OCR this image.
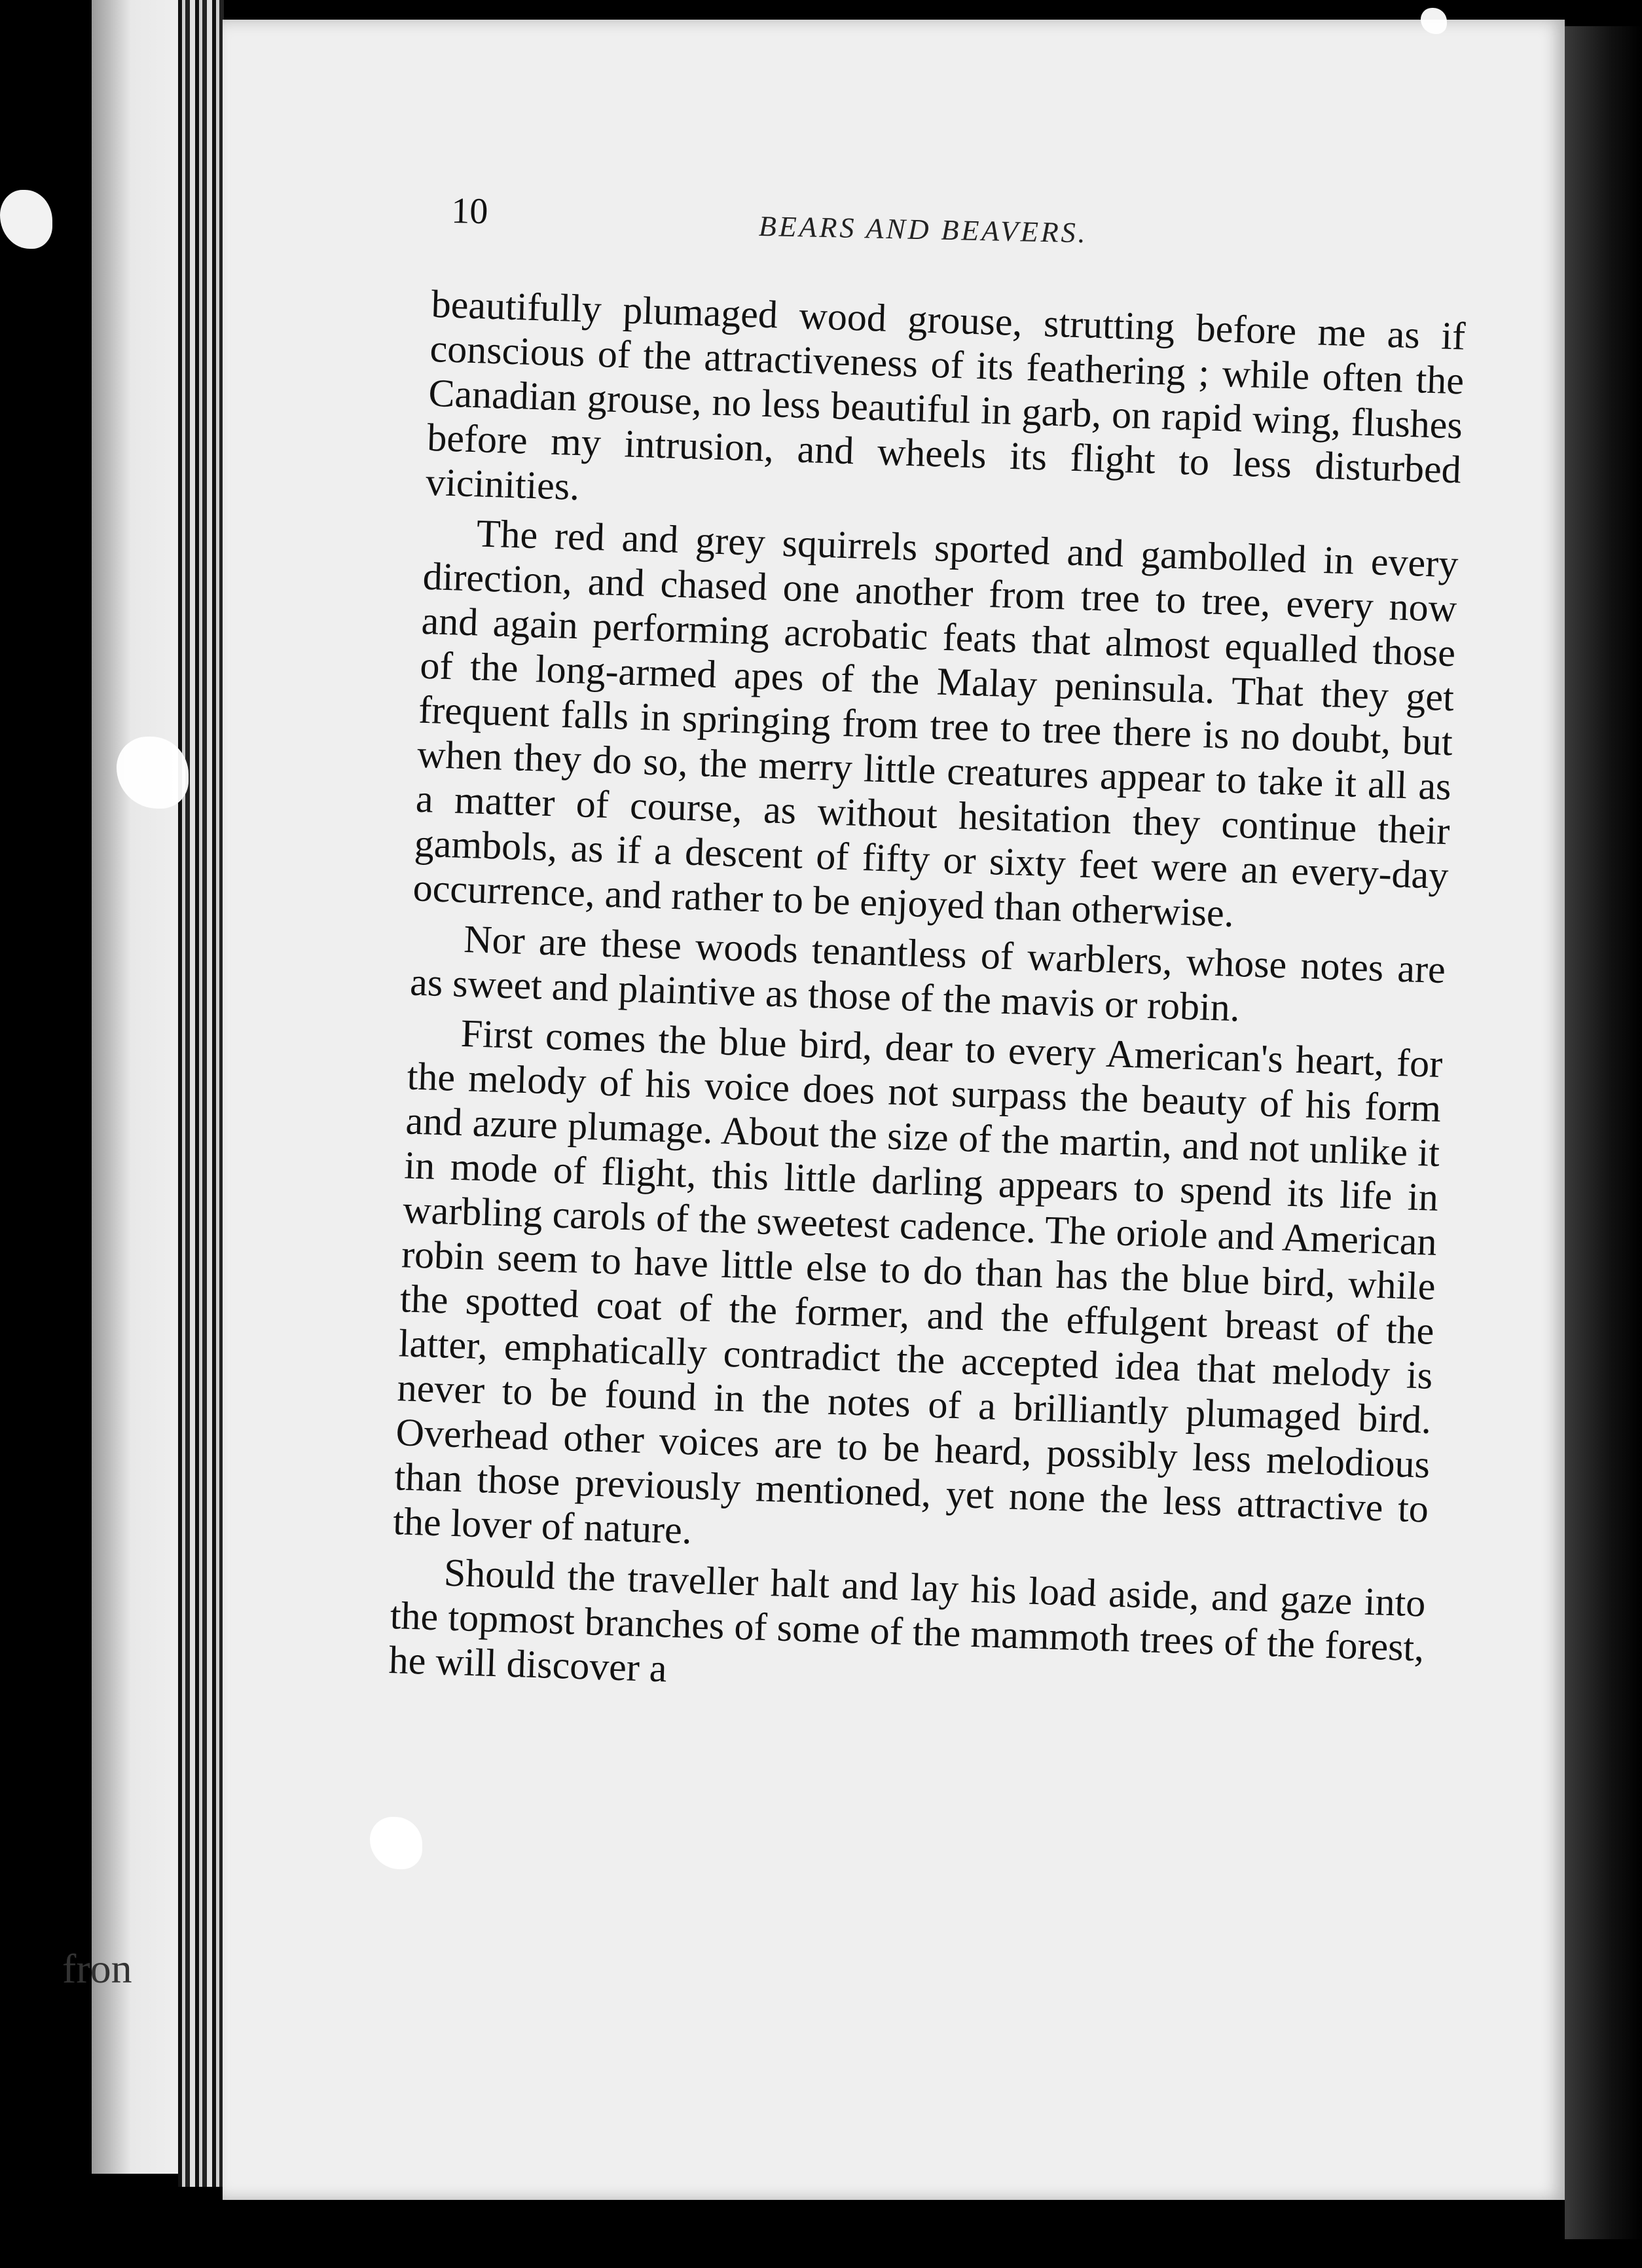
fron
10	BEARS AND BEAVERS.

beautifully plumaged wood grouse, strutting before me as if conscious of the attractiveness of its feathering ; while often the Canadian grouse, no less beautiful in garb, on rapid wing, flushes before my intrusion, and wheels its flight to less disturbed vicinities.

The red and grey squirrels sported and gambolled in every direction, and chased one another from tree to tree, every now and again performing acrobatic feats that almost equalled those of the long-armed apes of the Malay peninsula. That they get frequent falls in springing from tree to tree there is no doubt, but when they do so, the merry little creatures appear to take it all as a matter of course, as without hesitation they continue their gambols, as if a descent of fifty or sixty feet were an every-day occurrence, and rather to be enjoyed than otherwise.

Nor are these woods tenantless of warblers, whose notes are as sweet and plaintive as those of the mavis or robin.

First comes the blue bird, dear to every American's heart, for the melody of his voice does not surpass the beauty of his form and azure plumage. About the size of the martin, and not unlike it in mode of flight, this little darling appears to spend its life in warbling carols of the sweetest cadence. The oriole and American robin seem to have little else to do than has the blue bird, while the spotted coat of the former, and the effulgent breast of the latter, emphatically contradict the accepted idea that melody is never to be found in the notes of a brilliantly plumaged bird. Overhead other voices are to be heard, possibly less melodious than those previously mentioned, yet none the less attractive to the lover of nature.

Should the traveller halt and lay his load aside, and gaze into the topmost branches of some of the mammoth trees of the forest, he will discover a
